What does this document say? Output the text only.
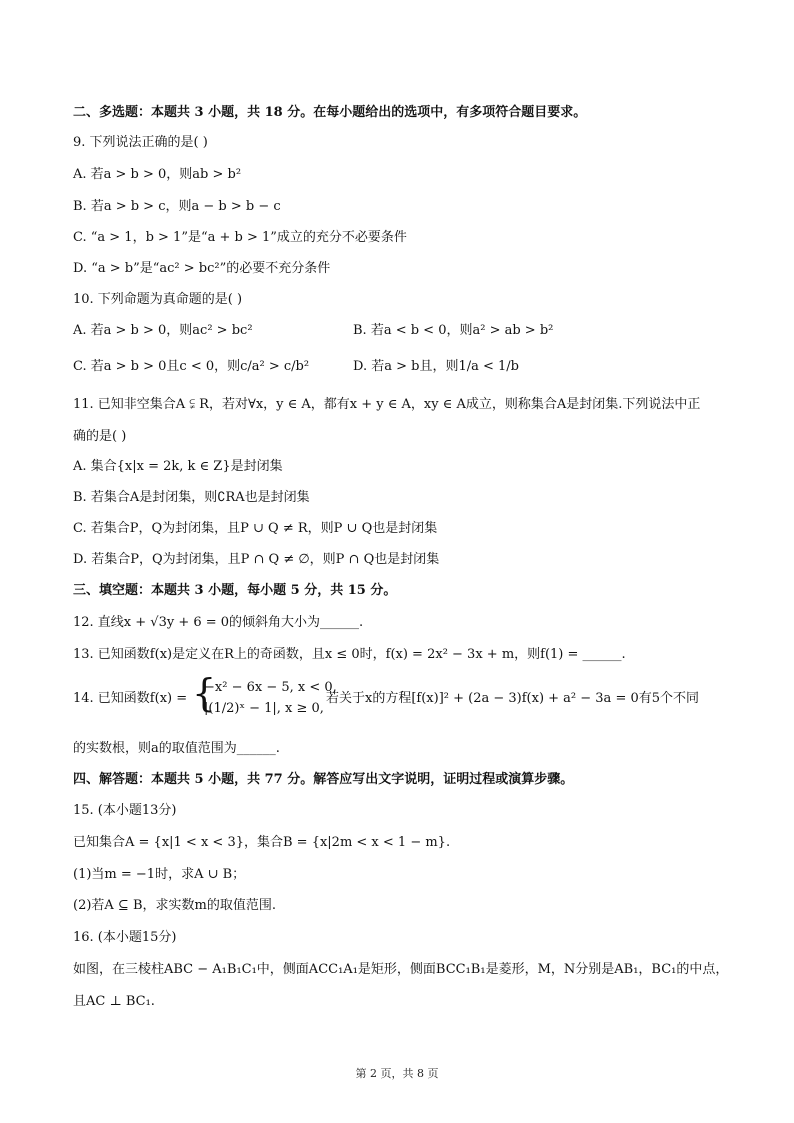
二、多选题：本题共 3 小题，共 18 分。在每小题给出的选项中，有多项符合题目要求。
9. 下列说法正确的是( )
A. 若a > b > 0，则ab > b²
B. 若a > b > c，则a − b > b − c
C. “a > 1，b > 1”是“a + b > 1”成立的充分不必要条件
D. “a > b”是“ac² > bc²”的必要不充分条件
10. 下列命题为真命题的是( )
A. 若a > b > 0，则ac² > bc²	B. 若a < b < 0，则a² > ab > b²
C. 若a > b > 0且c < 0，则c/a² > c/b²	D. 若a > b且，则1/a < 1/b
11. 已知非空集合A ⫋ R，若对∀x，y ∈ A，都有x + y ∈ A，xy ∈ A成立，则称集合A是封闭集.下列说法中正
确的是( )
A. 集合{x|x = 2k, k ∈ Z}是封闭集
B. 若集合A是封闭集，则∁RA也是封闭集
C. 若集合P，Q为封闭集，且P ∪ Q ≠ R，则P ∪ Q也是封闭集
D. 若集合P，Q为封闭集，且P ∩ Q ≠ ∅，则P ∩ Q也是封闭集
三、填空题：本题共 3 小题，每小题 5 分，共 15 分。
12. 直线x + √3y + 6 = 0的倾斜角大小为______.
13. 已知函数f(x)是定义在R上的奇函数，且x ≤ 0时，f(x) = 2x² − 3x + m，则f(1) = ______.
14. 已知函数f(x) = {
−x² − 6x − 5, x < 0,
|(1/2)ˣ − 1|, x ≥ 0,
若关于x的方程[f(x)]² + (2a − 3)f(x) + a² − 3a = 0有5个不同
的实数根，则a的取值范围为______.
四、解答题：本题共 5 小题，共 77 分。解答应写出文字说明，证明过程或演算步骤。
15. (本小题13分)
已知集合A = {x|1 < x < 3}，集合B = {x|2m < x < 1 − m}.
(1)当m = −1时，求A ∪ B；
(2)若A ⊆ B，求实数m的取值范围.
16. (本小题15分)
如图，在三棱柱ABC − A₁B₁C₁中，侧面ACC₁A₁是矩形，侧面BCC₁B₁是菱形，M，N分别是AB₁，BC₁的中点，
且AC ⊥ BC₁.
第 2 页，共 8 页
